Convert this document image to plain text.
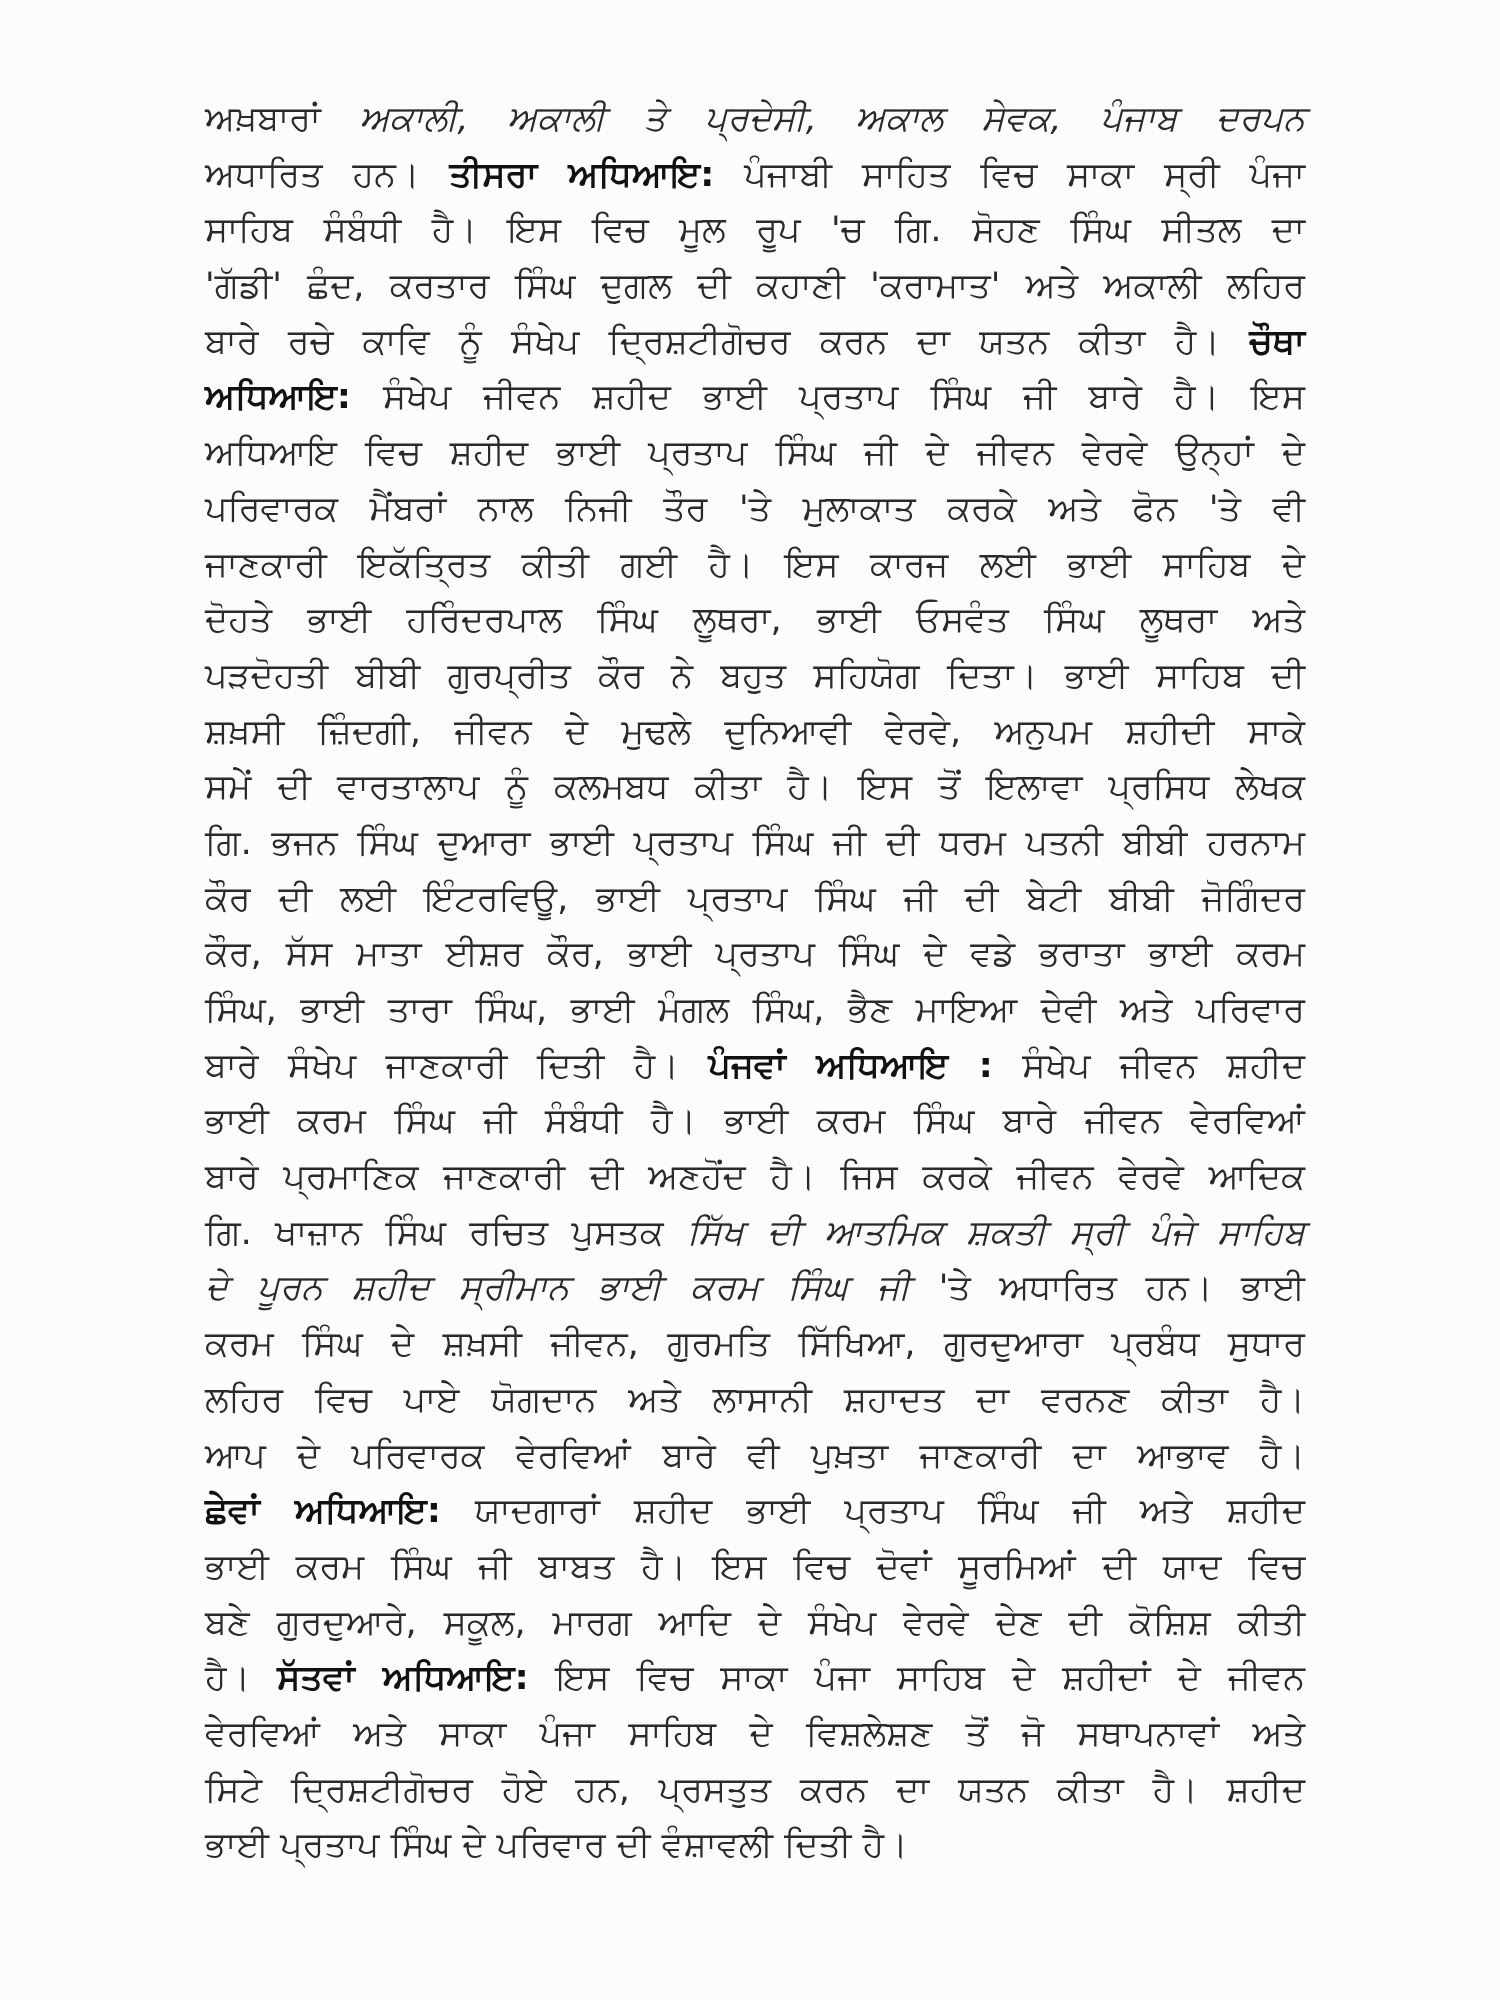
ਅਖ਼ਬਾਰਾਂ ਅਕਾਲੀ, ਅਕਾਲੀ ਤੇ ਪ੍ਰਦੇਸੀ, ਅਕਾਲ ਸੇਵਕ, ਪੰਜਾਬ ਦਰਪਨ
ਅਧਾਰਿਤ ਹਨ। ਤੀਸਰਾ ਅਧਿਆਇ: ਪੰਜਾਬੀ ਸਾਹਿਤ ਵਿਚ ਸਾਕਾ ਸ੍ਰੀ ਪੰਜਾ
ਸਾਹਿਬ ਸੰਬੰਧੀ ਹੈ। ਇਸ ਵਿਚ ਮੂਲ ਰੂਪ 'ਚ ਗਿ. ਸੋਹਣ ਸਿੰਘ ਸੀਤਲ ਦਾ
'ਗੱਡੀ' ਛੰਦ, ਕਰਤਾਰ ਸਿੰਘ ਦੁਗਲ ਦੀ ਕਹਾਣੀ 'ਕਰਾਮਾਤ' ਅਤੇ ਅਕਾਲੀ ਲਹਿਰ
ਬਾਰੇ ਰਚੇ ਕਾਵਿ ਨੂੰ ਸੰਖੇਪ ਦ੍ਰਿਸ਼ਟੀਗੋਚਰ ਕਰਨ ਦਾ ਯਤਨ ਕੀਤਾ ਹੈ। ਚੌਥਾ
ਅਧਿਆਇ: ਸੰਖੇਪ ਜੀਵਨ ਸ਼ਹੀਦ ਭਾਈ ਪ੍ਰਤਾਪ ਸਿੰਘ ਜੀ ਬਾਰੇ ਹੈ। ਇਸ
ਅਧਿਆਇ ਵਿਚ ਸ਼ਹੀਦ ਭਾਈ ਪ੍ਰਤਾਪ ਸਿੰਘ ਜੀ ਦੇ ਜੀਵਨ ਵੇਰਵੇ ਉਨ੍ਹਾਂ ਦੇ
ਪਰਿਵਾਰਕ ਮੈਂਬਰਾਂ ਨਾਲ ਨਿਜੀ ਤੌਰ 'ਤੇ ਮੁਲਾਕਾਤ ਕਰਕੇ ਅਤੇ ਫੋਨ 'ਤੇ ਵੀ
ਜਾਣਕਾਰੀ ਇਕੱਤ੍ਰਿਤ ਕੀਤੀ ਗਈ ਹੈ। ਇਸ ਕਾਰਜ ਲਈ ਭਾਈ ਸਾਹਿਬ ਦੇ
ਦੋਹਤੇ ਭਾਈ ਹਰਿੰਦਰਪਾਲ ਸਿੰਘ ਲੂਥਰਾ, ਭਾਈ ਓਸਵੰਤ ਸਿੰਘ ਲੂਥਰਾ ਅਤੇ
ਪੜਦੋਹਤੀ ਬੀਬੀ ਗੁਰਪ੍ਰੀਤ ਕੌਰ ਨੇ ਬਹੁਤ ਸਹਿਯੋਗ ਦਿਤਾ। ਭਾਈ ਸਾਹਿਬ ਦੀ
ਸ਼ਖ਼ਸੀ ਜ਼ਿੰਦਗੀ, ਜੀਵਨ ਦੇ ਮੁਢਲੇ ਦੁਨਿਆਵੀ ਵੇਰਵੇ, ਅਨੁਪਮ ਸ਼ਹੀਦੀ ਸਾਕੇ
ਸਮੇਂ ਦੀ ਵਾਰਤਾਲਾਪ ਨੂੰ ਕਲਮਬਧ ਕੀਤਾ ਹੈ। ਇਸ ਤੋਂ ਇਲਾਵਾ ਪ੍ਰਸਿਧ ਲੇਖਕ
ਗਿ. ਭਜਨ ਸਿੰਘ ਦੁਆਰਾ ਭਾਈ ਪ੍ਰਤਾਪ ਸਿੰਘ ਜੀ ਦੀ ਧਰਮ ਪਤਨੀ ਬੀਬੀ ਹਰਨਾਮ
ਕੌਰ ਦੀ ਲਈ ਇੰਟਰਵਿਊ, ਭਾਈ ਪ੍ਰਤਾਪ ਸਿੰਘ ਜੀ ਦੀ ਬੇਟੀ ਬੀਬੀ ਜੋਗਿੰਦਰ
ਕੌਰ, ਸੱਸ ਮਾਤਾ ਈਸ਼ਰ ਕੌਰ, ਭਾਈ ਪ੍ਰਤਾਪ ਸਿੰਘ ਦੇ ਵਡੇ ਭਰਾਤਾ ਭਾਈ ਕਰਮ
ਸਿੰਘ, ਭਾਈ ਤਾਰਾ ਸਿੰਘ, ਭਾਈ ਮੰਗਲ ਸਿੰਘ, ਭੈਣ ਮਾਇਆ ਦੇਵੀ ਅਤੇ ਪਰਿਵਾਰ
ਬਾਰੇ ਸੰਖੇਪ ਜਾਣਕਾਰੀ ਦਿਤੀ ਹੈ। ਪੰਜਵਾਂ ਅਧਿਆਇ : ਸੰਖੇਪ ਜੀਵਨ ਸ਼ਹੀਦ
ਭਾਈ ਕਰਮ ਸਿੰਘ ਜੀ ਸੰਬੰਧੀ ਹੈ। ਭਾਈ ਕਰਮ ਸਿੰਘ ਬਾਰੇ ਜੀਵਨ ਵੇਰਵਿਆਂ
ਬਾਰੇ ਪ੍ਰਮਾਣਿਕ ਜਾਣਕਾਰੀ ਦੀ ਅਣਹੋਂਦ ਹੈ। ਜਿਸ ਕਰਕੇ ਜੀਵਨ ਵੇਰਵੇ ਆਦਿਕ
ਗਿ. ਖਾਜ਼ਾਨ ਸਿੰਘ ਰਚਿਤ ਪੁਸਤਕ ਸਿੱਖ ਦੀ ਆਤਮਿਕ ਸ਼ਕਤੀ ਸ੍ਰੀ ਪੰਜੇ ਸਾਹਿਬ
ਦੇ ਪੂਰਨ ਸ਼ਹੀਦ ਸ੍ਰੀਮਾਨ ਭਾਈ ਕਰਮ ਸਿੰਘ ਜੀ 'ਤੇ ਅਧਾਰਿਤ ਹਨ। ਭਾਈ
ਕਰਮ ਸਿੰਘ ਦੇ ਸ਼ਖ਼ਸੀ ਜੀਵਨ, ਗੁਰਮਤਿ ਸਿੱਖਿਆ, ਗੁਰਦੁਆਰਾ ਪ੍ਰਬੰਧ ਸੁਧਾਰ
ਲਹਿਰ ਵਿਚ ਪਾਏ ਯੋਗਦਾਨ ਅਤੇ ਲਾਸਾਨੀ ਸ਼ਹਾਦਤ ਦਾ ਵਰਨਣ ਕੀਤਾ ਹੈ।
ਆਪ ਦੇ ਪਰਿਵਾਰਕ ਵੇਰਵਿਆਂ ਬਾਰੇ ਵੀ ਪੁਖ਼ਤਾ ਜਾਣਕਾਰੀ ਦਾ ਆਭਾਵ ਹੈ।
ਛੇਵਾਂ ਅਧਿਆਇ: ਯਾਦਗਾਰਾਂ ਸ਼ਹੀਦ ਭਾਈ ਪ੍ਰਤਾਪ ਸਿੰਘ ਜੀ ਅਤੇ ਸ਼ਹੀਦ
ਭਾਈ ਕਰਮ ਸਿੰਘ ਜੀ ਬਾਬਤ ਹੈ। ਇਸ ਵਿਚ ਦੋਵਾਂ ਸੂਰਮਿਆਂ ਦੀ ਯਾਦ ਵਿਚ
ਬਣੇ ਗੁਰਦੁਆਰੇ, ਸਕੂਲ, ਮਾਰਗ ਆਦਿ ਦੇ ਸੰਖੇਪ ਵੇਰਵੇ ਦੇਣ ਦੀ ਕੋਸ਼ਿਸ਼ ਕੀਤੀ
ਹੈ। ਸੱਤਵਾਂ ਅਧਿਆਇ: ਇਸ ਵਿਚ ਸਾਕਾ ਪੰਜਾ ਸਾਹਿਬ ਦੇ ਸ਼ਹੀਦਾਂ ਦੇ ਜੀਵਨ
ਵੇਰਵਿਆਂ ਅਤੇ ਸਾਕਾ ਪੰਜਾ ਸਾਹਿਬ ਦੇ ਵਿਸ਼ਲੇਸ਼ਣ ਤੋਂ ਜੋ ਸਥਾਪਨਾਵਾਂ ਅਤੇ
ਸਿਟੇ ਦ੍ਰਿਸ਼ਟੀਗੋਚਰ ਹੋਏ ਹਨ, ਪ੍ਰਸਤੁਤ ਕਰਨ ਦਾ ਯਤਨ ਕੀਤਾ ਹੈ। ਸ਼ਹੀਦ
ਭਾਈ ਪ੍ਰਤਾਪ ਸਿੰਘ ਦੇ ਪਰਿਵਾਰ ਦੀ ਵੰਸ਼ਾਵਲੀ ਦਿਤੀ ਹੈ।
